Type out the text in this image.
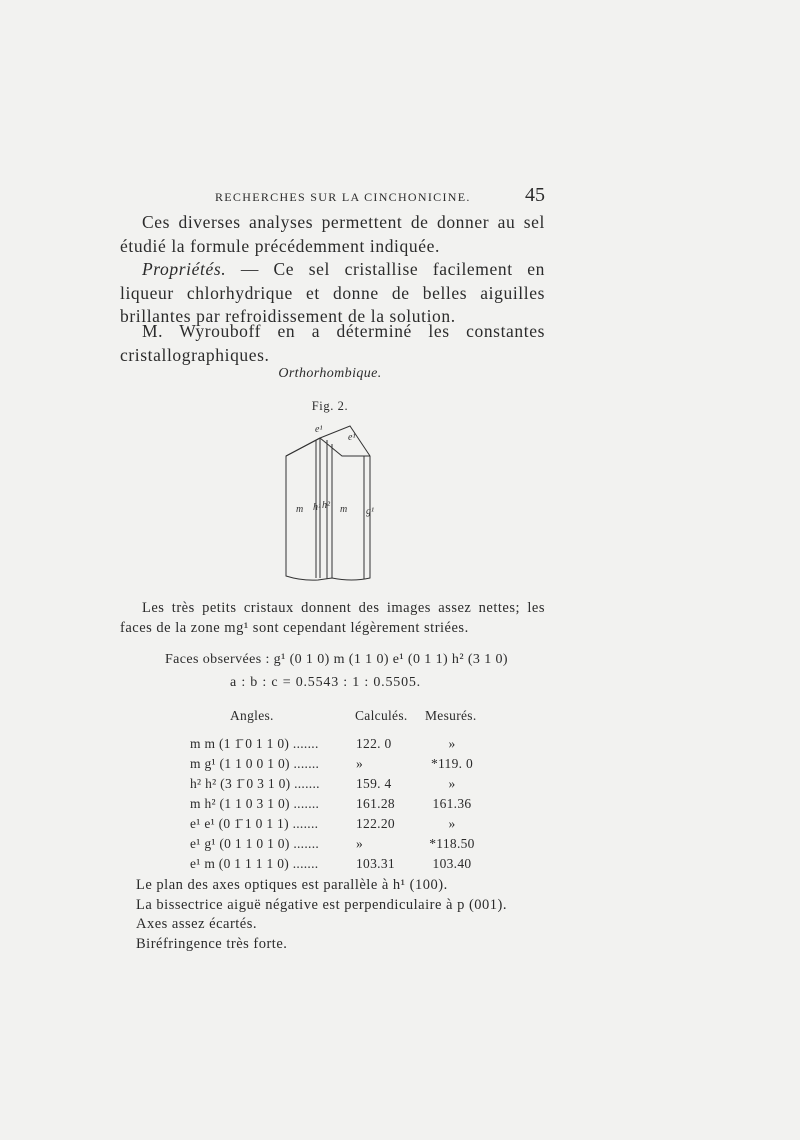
RECHERCHES SUR LA CINCHONICINE.	45

Ces diverses analyses permettent de donner au sel étudié la formule précédemment indiquée.

Propriétés. — Ce sel cristallise facilement en liqueur chlorhydrique et donne de belles aiguilles brillantes par refroidissement de la solution.

M. Wyrouboff en a déterminé les constantes cristallographiques.

Orthorhombique.
Fig. 2.
e¹
e¹
m h¹ h² m g¹

Les très petits cristaux donnent des images assez nettes; les faces de la zone mg¹ sont cependant légèrement striées.

Faces observées : g¹ (0 1 0) m (1 1 0) e¹ (0 1 1) h² (3 1 0)
a : b : c = 0.5543 : 1 : 0.5505.
Angles.	Calculés. Mesurés.
m m (1 1̄ 0 1 1 0) .......	122. 0	»
m g¹ (1 1 0 0 1 0) .......	»	*119. 0
h² h² (3 1̄ 0 3 1 0) .......	159. 4	»
m h² (1 1 0 3 1 0) .......	161.28	161.36
e¹ e¹ (0 1̄ 1 0 1 1) .......	122.20	»
e¹ g¹ (0 1 1 0 1 0) .......	»	*118.50
e¹ m (0 1 1 1 1 0) .......	103.31	103.40
Le plan des axes optiques est parallèle à h¹ (100).
La bissectrice aiguë négative est perpendiculaire à p (001).
Axes assez écartés.
Biréfringence très forte.
